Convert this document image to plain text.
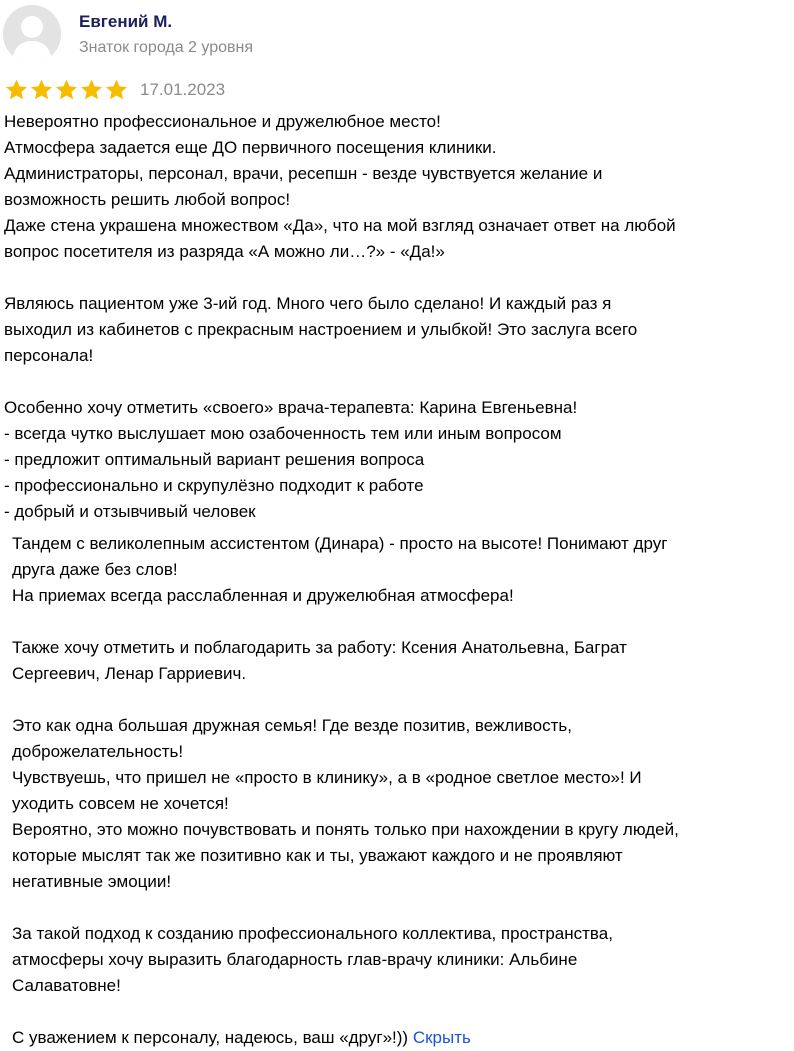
Евгений М.
Знаток города 2 уровня
17.01.2023

Невероятно профессиональное и дружелюбное место!

Атмосфера задается еще ДО первичного посещения клиники.

Администраторы, персонал, врачи, ресепшн - везде чувствуется желание и

возможность решить любой вопрос!

Даже стена украшена множеством «Да», что на мой взгляд означает ответ на любой

вопрос посетителя из разряда «А можно ли…?» - «Да!»

Являюсь пациентом уже 3-ий год. Много чего было сделано! И каждый раз я

выходил из кабинетов с прекрасным настроением и улыбкой! Это заслуга всего

персонала!

Особенно хочу отметить «своего» врача-терапевта: Карина Евгеньевна!

- всегда чутко выслушает мою озабоченность тем или иным вопросом

- предложит оптимальный вариант решения вопроса

- профессионально и скрупулёзно подходит к работе

- добрый и отзывчивый человек

Тандем с великолепным ассистентом (Динара) - просто на высоте! Понимают друг

друга даже без слов!

На приемах всегда расслабленная и дружелюбная атмосфера!

Также хочу отметить и поблагодарить за работу: Ксения Анатольевна, Баграт

Сергеевич, Ленар Гарриевич.

Это как одна большая дружная семья! Где везде позитив, вежливость,

доброжелательность!

Чувствуешь, что пришел не «просто в клинику», а в «родное светлое место»! И

уходить совсем не хочется!

Вероятно, это можно почувствовать и понять только при нахождении в кругу людей,

которые мыслят так же позитивно как и ты, уважают каждого и не проявляют

негативные эмоции!

За такой подход к созданию профессионального коллектива, пространства,

атмосферы хочу выразить благодарность глав-врачу клиники: Альбине

Салаватовне!

С уважением к персоналу, надеюсь, ваш «друг»!)) Скрыть
